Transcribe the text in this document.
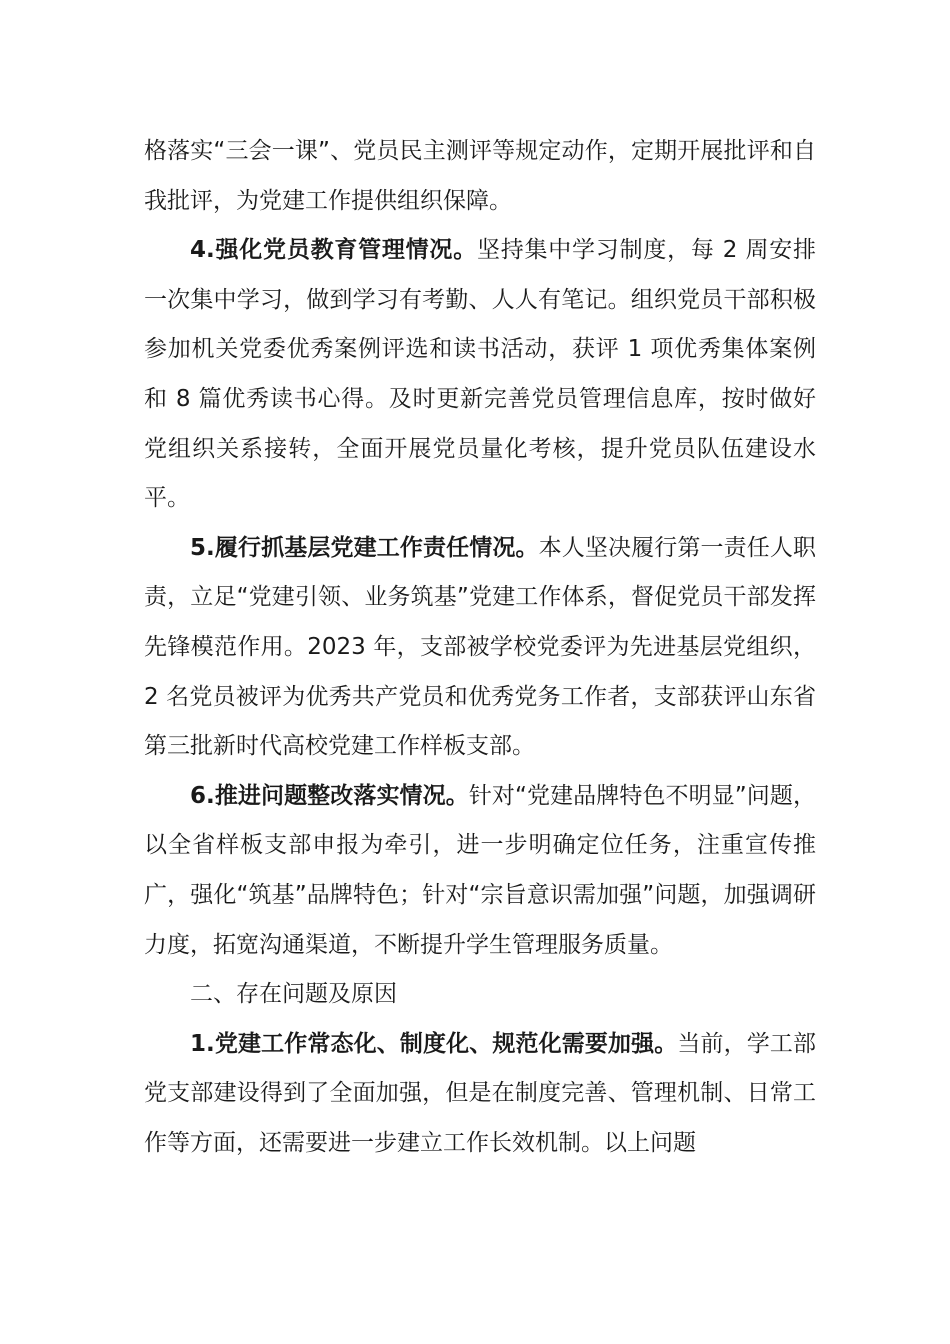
格落实“三会一课”、党员民主测评等规定动作，定期开展批评和自我批评，为党建工作提供组织保障。

4.强化党员教育管理情况。坚持集中学习制度，每 2 周安排一次集中学习，做到学习有考勤、人人有笔记。组织党员干部积极参加机关党委优秀案例评选和读书活动，获评 1 项优秀集体案例和 8 篇优秀读书心得。及时更新完善党员管理信息库，按时做好党组织关系接转，全面开展党员量化考核，提升党员队伍建设水平。

5.履行抓基层党建工作责任情况。本人坚决履行第一责任人职责，立足“党建引领、业务筑基”党建工作体系，督促党员干部发挥先锋模范作用。2023 年，支部被学校党委评为先进基层党组织，2 名党员被评为优秀共产党员和优秀党务工作者，支部获评山东省第三批新时代高校党建工作样板支部。

6.推进问题整改落实情况。针对“党建品牌特色不明显”问题，以全省样板支部申报为牵引，进一步明确定位任务，注重宣传推广，强化“筑基”品牌特色；针对“宗旨意识需加强”问题，加强调研力度，拓宽沟通渠道，不断提升学生管理服务质量。

二、存在问题及原因

1.党建工作常态化、制度化、规范化需要加强。当前，学工部党支部建设得到了全面加强，但是在制度完善、管理机制、日常工作等方面，还需要进一步建立工作长效机制。以上问题
